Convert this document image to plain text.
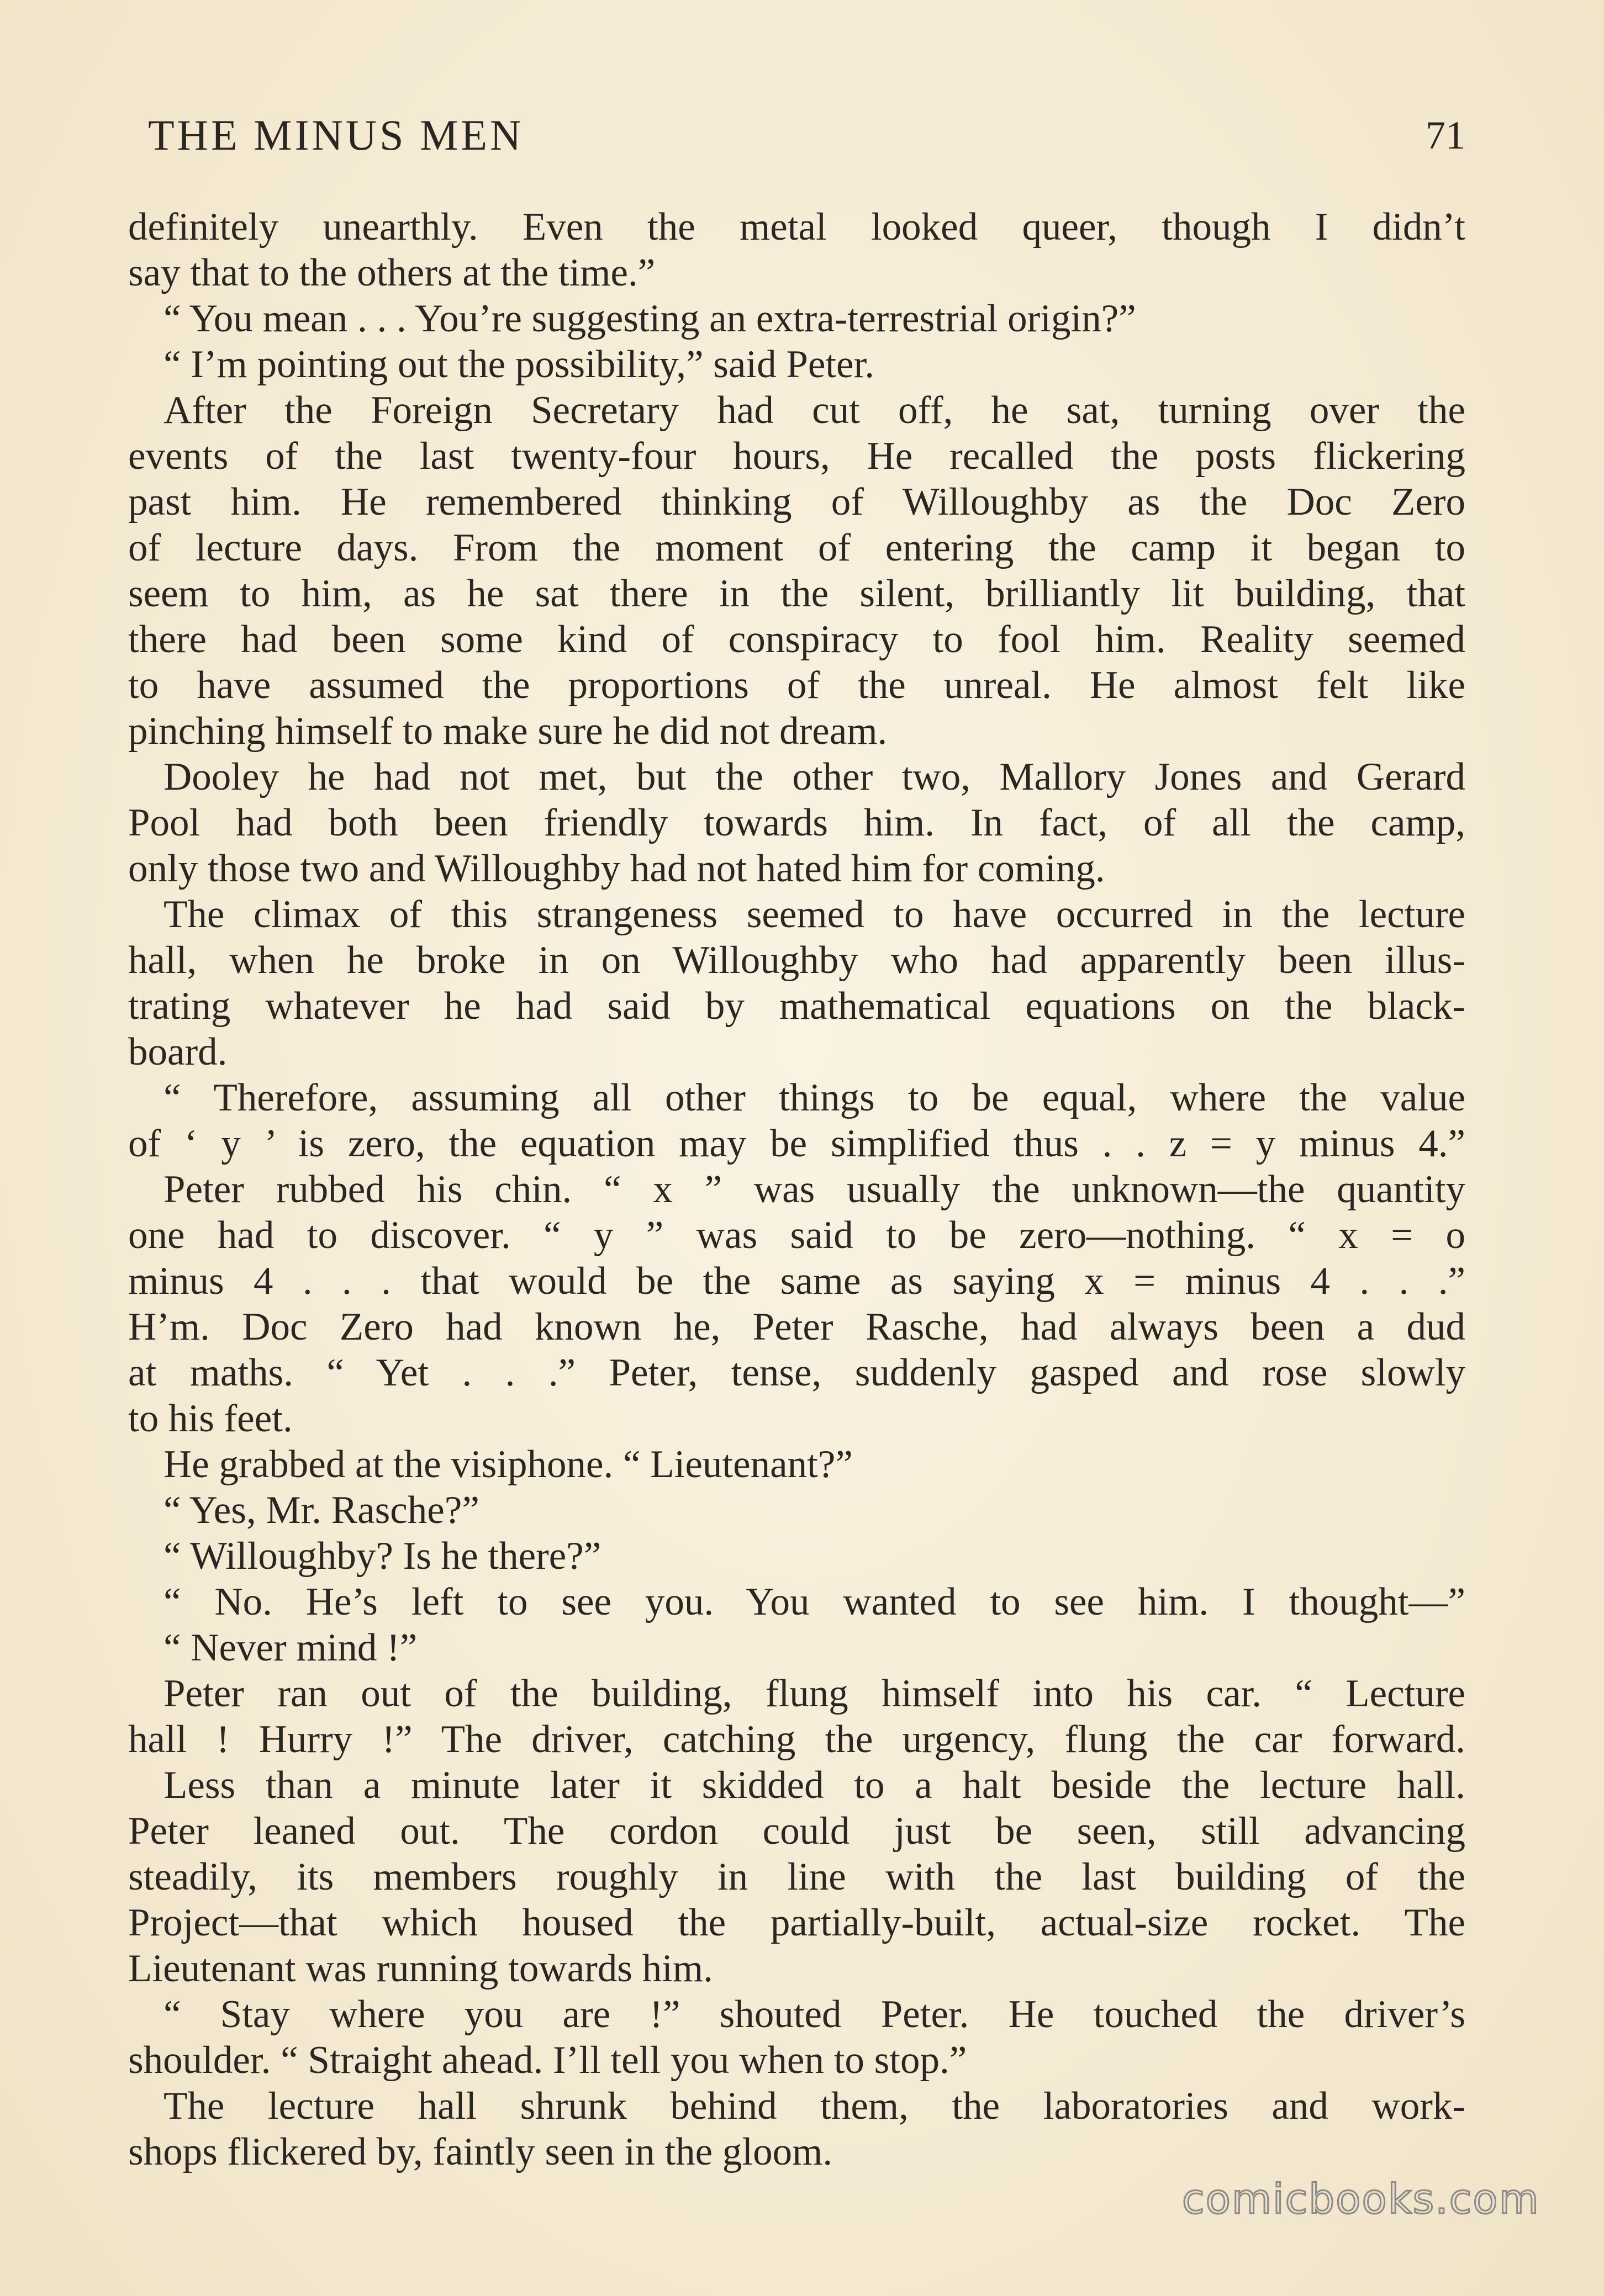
THE MINUS MEN	71
definitely unearthly. Even the metal looked queer, though I didn’t
say that to the others at the time.”
“ You mean . . . You’re suggesting an extra-terrestrial origin?”
“ I’m pointing out the possibility,” said Peter.
After the Foreign Secretary had cut off, he sat, turning over the
events of the last twenty-four hours, He recalled the posts flickering
past him. He remembered thinking of Willoughby as the Doc Zero
of lecture days. From the moment of entering the camp it began to
seem to him, as he sat there in the silent, brilliantly lit building, that
there had been some kind of conspiracy to fool him. Reality seemed
to have assumed the proportions of the unreal. He almost felt like
pinching himself to make sure he did not dream.
Dooley he had not met, but the other two, Mallory Jones and Gerard
Pool had both been friendly towards him. In fact, of all the camp,
only those two and Willoughby had not hated him for coming.
The climax of this strangeness seemed to have occurred in the lecture
hall, when he broke in on Willoughby who had apparently been illus-
trating whatever he had said by mathematical equations on the black-
board.
“ Therefore, assuming all other things to be equal, where the value
of ‘ y ’ is zero, the equation may be simplified thus . . z = y minus 4.”
Peter rubbed his chin. “ x ” was usually the unknown—the quantity
one had to discover. “ y ” was said to be zero—nothing. “ x = o
minus 4 . . . that would be the same as saying x = minus 4 . . .”
H’m. Doc Zero had known he, Peter Rasche, had always been a dud
at maths. “ Yet . . .” Peter, tense, suddenly gasped and rose slowly
to his feet.
He grabbed at the visiphone. “ Lieutenant?”
“ Yes, Mr. Rasche?”
“ Willoughby? Is he there?”
“ No. He’s left to see you. You wanted to see him. I thought—”
“ Never mind !”
Peter ran out of the building, flung himself into his car. “ Lecture
hall ! Hurry !” The driver, catching the urgency, flung the car forward.
Less than a minute later it skidded to a halt beside the lecture hall.
Peter leaned out. The cordon could just be seen, still advancing
steadily, its members roughly in line with the last building of the
Project—that which housed the partially-built, actual-size rocket. The
Lieutenant was running towards him.
“ Stay where you are !” shouted Peter. He touched the driver’s
shoulder. “ Straight ahead. I’ll tell you when to stop.”
The lecture hall shrunk behind them, the laboratories and work-
shops flickered by, faintly seen in the gloom.
comicbooks.com
